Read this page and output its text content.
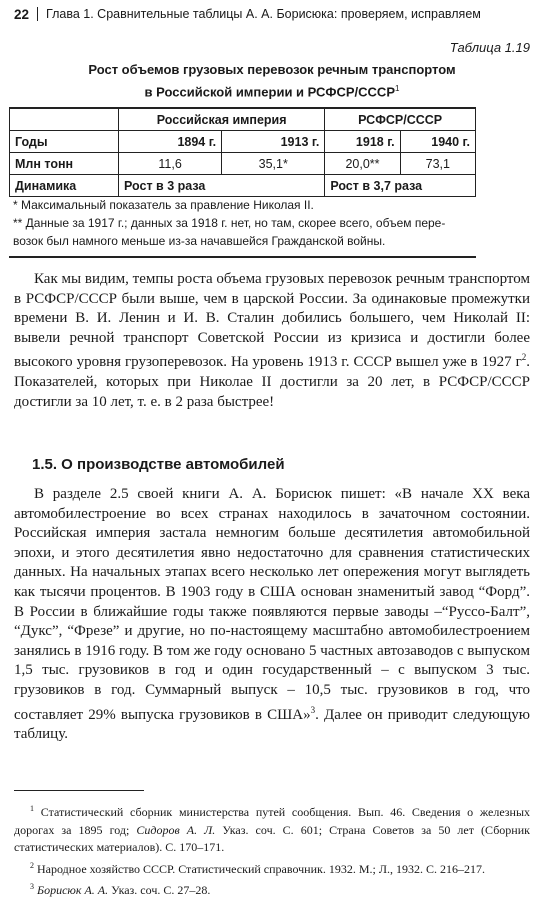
22 Глава 1. Сравнительные таблицы А. А. Борисюка: проверяем, исправляем
Таблица 1.19
Рост объемов грузовых перевозок речным транспортом
в Российской империи и РСФСР/СССР$^1$
	Российская империя		РСФСР/СССР	
Годы	1894 г.	1913 г.	1918 г.	1940 г.
Млн тонн	11,6	35,1*	20,0**	73,1
Динамика	Рост в 3 раза		Рост в 3,7 раза	
* Максимальный показатель за правление Николая II.
** Данные за 1917 г.; данных за 1918 г. нет, но там, скорее всего, объем пере-
возок был намного меньше из-за начавшейся Гражданской войны.

Как мы видим, темпы роста объема грузовых перевозок речным транспортом в РСФСР/СССР были выше, чем в царской России. За одинаковые промежутки времени В. И. Ленин и И. В. Сталин добились большего, чем Николай II: вывели речной транспорт Советской России из кризиса и достигли более высокого уровня грузоперевозок. На уровень 1913 г. СССР вышел уже в 1927 $г^2$. Показателей, которых при Николае II достигли за 20 лет, в РСФСР/СССР достигли за 10 лет, т. е. в 2 раза быстрее!

1.5. О производстве автомобилей

В разделе 2.5 своей книги А. А. Борисюк пишет: «В начале XX века автомобилестроение во всех странах находилось в зачаточном состоянии. Российская империя застала немногим больше десятилетия автомобильной эпохи, и этого десятилетия явно недостаточно для сравнения статистических данных. На начальных этапах всего несколько лет опережения могут выглядеть как тысячи процентов. В 1903 году в США основан знаменитый завод “Форд”. В России в ближайшие годы также появляются первые заводы –“Руссо-Балт”, “Дукс”, “Фрезе” и другие, но по-настоящему масштабно автомобилестроением занялись в 1916 году. В том же году основано 5 частных автозаводов с выпуском 1,5 тыс. грузовиков в год и один государственный – с выпуском 3 тыс. грузовиков в год. Суммарный выпуск – 10,5 тыс. грузовиков в год, что составляет 29% выпуска грузовиков в США»$^3$. Далее он приводит следующую таблицу.

$^1$ Статистический сборник министерства путей сообщения. Вып. 46. Сведения о железных дорогах за 1895 год; Сидоров А. Л. Указ. соч. С. 601; Страна Советов за 50 лет (Сборник статистических материалов). С. 170–171.

$^2$ Народное хозяйство СССР. Статистический справочник. 1932. М.; Л., 1932. С. 216–217.

$^3$ Борисюк А. А. Указ. соч. С. 27–28.
